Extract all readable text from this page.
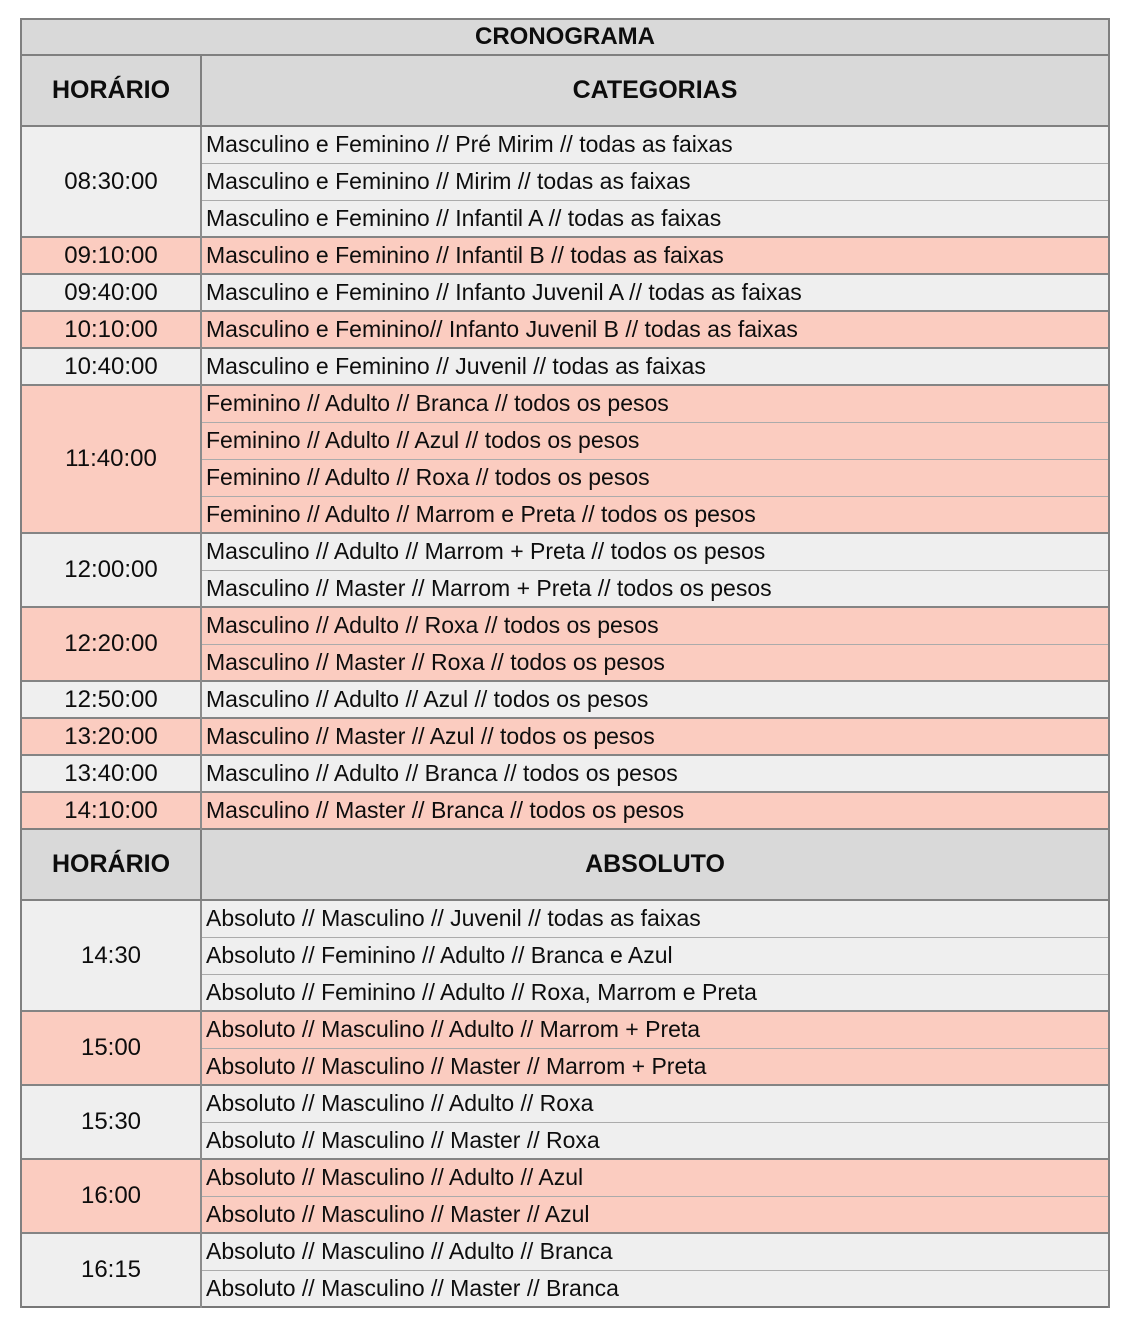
CRONOGRAMA	
HORÁRIO	CATEGORIAS
08:30:00	Masculino e Feminino // Pré Mirim // todas as faixas
	Masculino e Feminino // Mirim // todas as faixas
	Masculino e Feminino // Infantil A // todas as faixas
09:10:00	Masculino e Feminino // Infantil B // todas as faixas
09:40:00	Masculino e Feminino // Infanto Juvenil A // todas as faixas
10:10:00	Masculino e Feminino// Infanto Juvenil B // todas as faixas
10:40:00	Masculino e Feminino // Juvenil // todas as faixas
11:40:00	Feminino // Adulto // Branca // todos os pesos
	Feminino // Adulto // Azul // todos os pesos
	Feminino // Adulto // Roxa // todos os pesos
	Feminino // Adulto // Marrom e Preta // todos os pesos
12:00:00	Masculino // Adulto // Marrom + Preta // todos os pesos
	Masculino // Master // Marrom + Preta // todos os pesos
12:20:00	Masculino // Adulto // Roxa // todos os pesos
	Masculino // Master // Roxa // todos os pesos
12:50:00	Masculino // Adulto // Azul // todos os pesos
13:20:00	Masculino // Master // Azul // todos os pesos
13:40:00	Masculino // Adulto // Branca // todos os pesos
14:10:00	Masculino // Master // Branca // todos os pesos
HORÁRIO	ABSOLUTO
14:30	Absoluto // Masculino // Juvenil // todas as faixas
	Absoluto // Feminino // Adulto // Branca e Azul
	Absoluto // Feminino // Adulto // Roxa, Marrom e Preta
15:00	Absoluto // Masculino // Adulto // Marrom + Preta
	Absoluto // Masculino // Master // Marrom + Preta
15:30	Absoluto // Masculino // Adulto // Roxa
	Absoluto // Masculino // Master // Roxa
16:00	Absoluto // Masculino // Adulto // Azul
	Absoluto // Masculino // Master // Azul
16:15	Absoluto // Masculino // Adulto // Branca
	Absoluto // Masculino // Master // Branca
